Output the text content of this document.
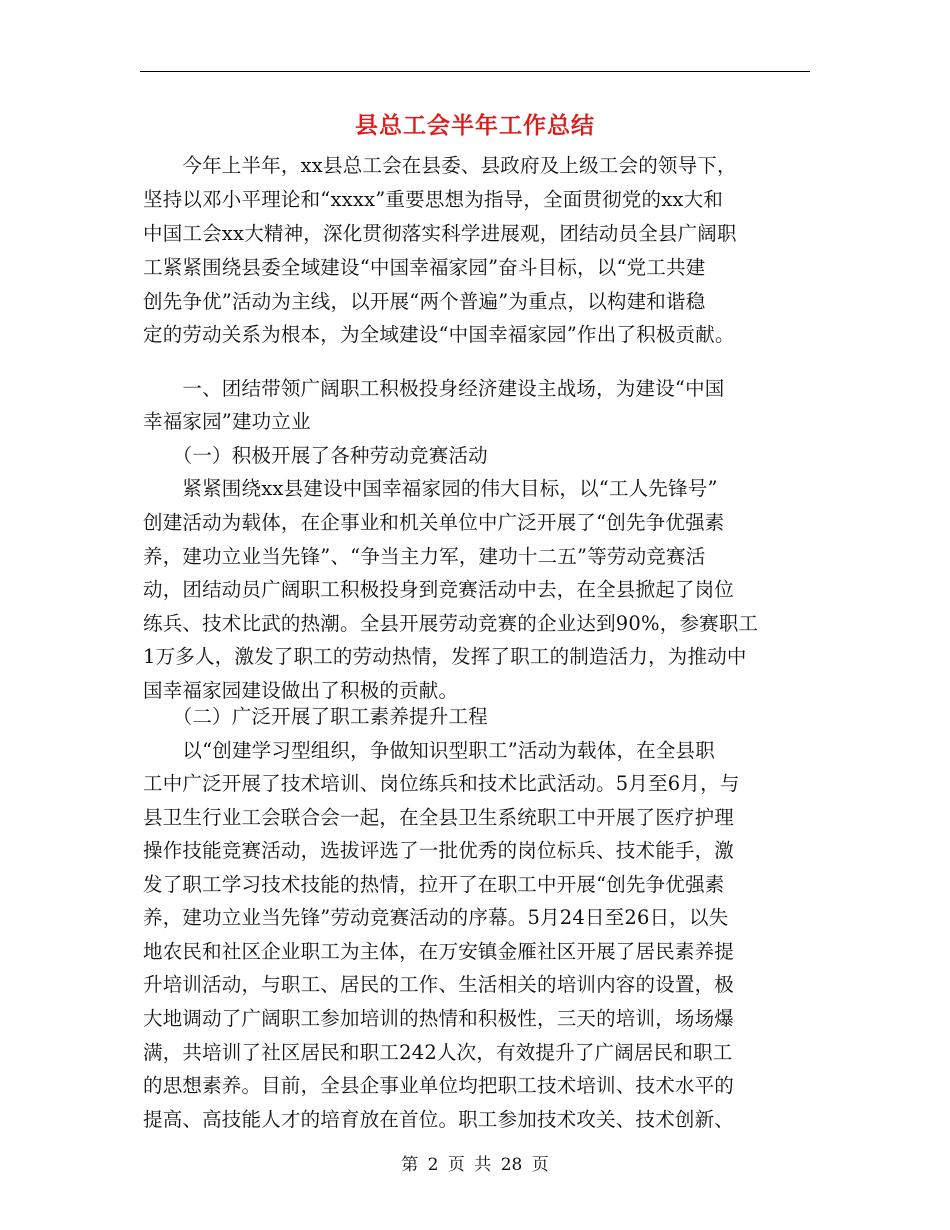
县总工会半年工作总结
　　今年上半年，xx县总工会在县委、县政府及上级工会的领导下，
坚持以邓小平理论和“xxxx”重要思想为指导，全面贯彻党的xx大和
中国工会xx大精神，深化贯彻落实科学进展观，团结动员全县广阔职
工紧紧围绕县委全域建设“中国幸福家园”奋斗目标，以“党工共建
创先争优”活动为主线，以开展“两个普遍”为重点，以构建和谐稳
定的劳动关系为根本，为全域建设“中国幸福家园”作出了积极贡献。
　　一、团结带领广阔职工积极投身经济建设主战场，为建设“中国
幸福家园”建功立业
　　（一）积极开展了各种劳动竞赛活动
　　紧紧围绕xx县建设中国幸福家园的伟大目标，以“工人先锋号”
创建活动为载体，在企事业和机关单位中广泛开展了“创先争优强素
养，建功立业当先锋”、“争当主力军，建功十二五”等劳动竞赛活
动，团结动员广阔职工积极投身到竞赛活动中去，在全县掀起了岗位
练兵、技术比武的热潮。全县开展劳动竞赛的企业达到90%，参赛职工
1万多人，激发了职工的劳动热情，发挥了职工的制造活力，为推动中
国幸福家园建设做出了积极的贡献。
　　（二）广泛开展了职工素养提升工程
　　以“创建学习型组织，争做知识型职工”活动为载体，在全县职
工中广泛开展了技术培训、岗位练兵和技术比武活动。5月至6月，与
县卫生行业工会联合会一起，在全县卫生系统职工中开展了医疗护理
操作技能竞赛活动，选拔评选了一批优秀的岗位标兵、技术能手，激
发了职工学习技术技能的热情，拉开了在职工中开展“创先争优强素
养，建功立业当先锋”劳动竞赛活动的序幕。5月24日至26日，以失
地农民和社区企业职工为主体，在万安镇金雁社区开展了居民素养提
升培训活动，与职工、居民的工作、生活相关的培训内容的设置，极
大地调动了广阔职工参加培训的热情和积极性，三天的培训，场场爆
满，共培训了社区居民和职工242人次，有效提升了广阔居民和职工
的思想素养。目前，全县企事业单位均把职工技术培训、技术水平的
提高、高技能人才的培育放在首位。职工参加技术攻关、技术创新、
第 2 页 共 28 页
